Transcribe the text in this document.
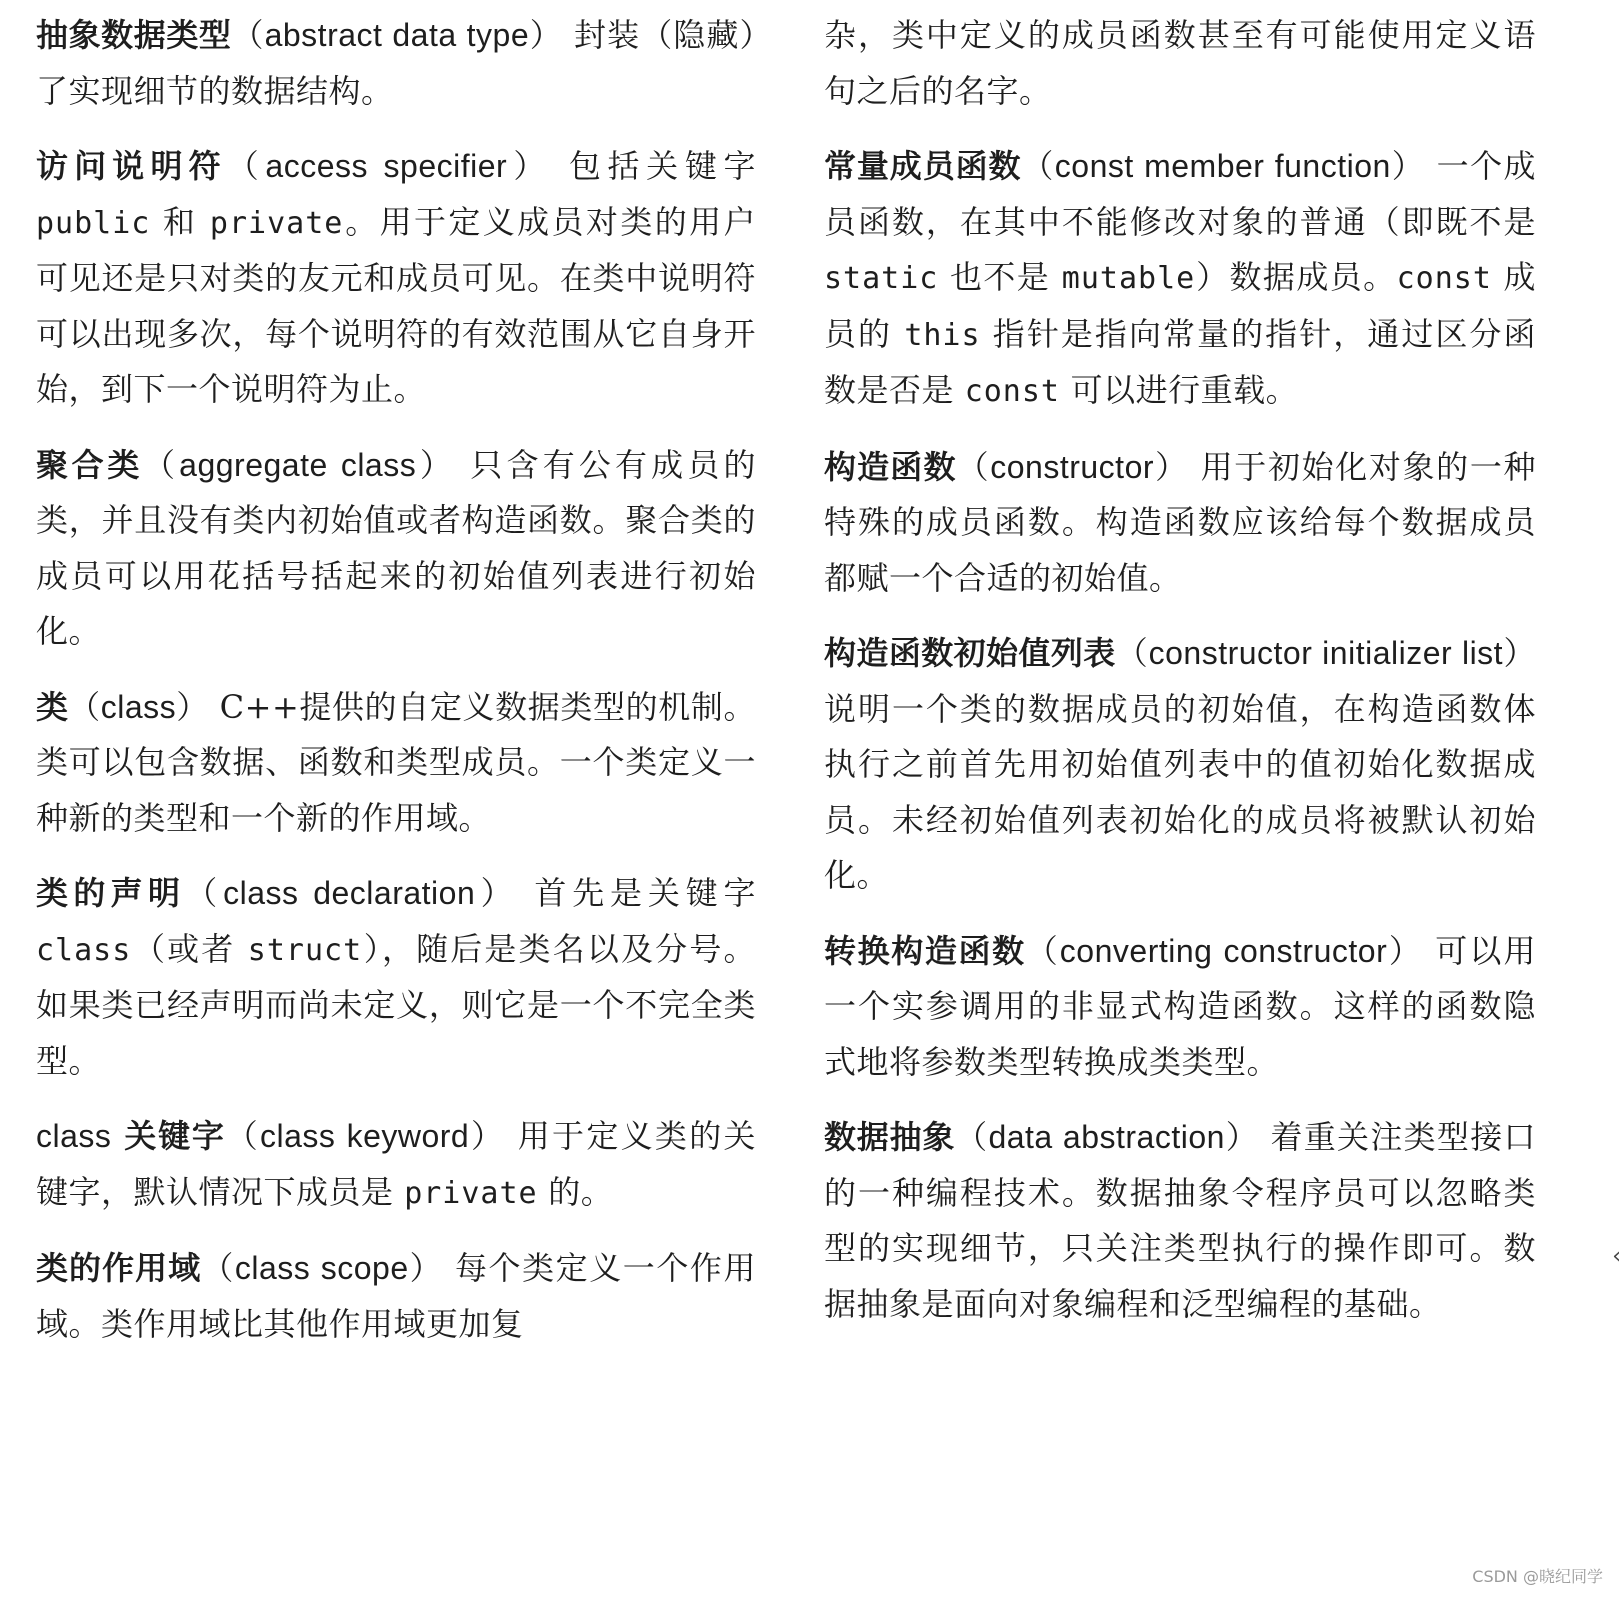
抽象数据类型（abstract data type） 封装（隐藏）了实现细节的数据结构。

访问说明符（access specifier） 包括关键字 public 和 private。用于定义成员对类的用户可见还是只对类的友元和成员可见。在类中说明符可以出现多次，每个说明符的有效范围从它自身开始，到下一个说明符为止。

聚合类（aggregate class） 只含有公有成员的类，并且没有类内初始值或者构造函数。聚合类的成员可以用花括号括起来的初始值列表进行初始化。

类（class） C++提供的自定义数据类型的机制。类可以包含数据、函数和类型成员。一个类定义一种新的类型和一个新的作用域。

类的声明（class declaration） 首先是关键字 class（或者 struct），随后是类名以及分号。如果类已经声明而尚未定义，则它是一个不完全类型。

class 关键字（class keyword） 用于定义类的关键字，默认情况下成员是 private 的。

类的作用域（class scope） 每个类定义一个作用域。类作用域比其他作用域更加复

杂，类中定义的成员函数甚至有可能使用定义语句之后的名字。

常量成员函数（const member function） 一个成员函数，在其中不能修改对象的普通（即既不是 static 也不是 mutable）数据成员。const 成员的 this 指针是指向常量的指针，通过区分函数是否是 const 可以进行重载。

构造函数（constructor） 用于初始化对象的一种特殊的成员函数。构造函数应该给每个数据成员都赋一个合适的初始值。

构造函数初始值列表（constructor initializer list）说明一个类的数据成员的初始值，在构造函数体执行之前首先用初始值列表中的值初始化数据成员。未经初始值列表初始化的成员将被默认初始化。

转换构造函数（converting constructor） 可以用一个实参调用的非显式构造函数。这样的函数隐式地将参数类型转换成类类型。

数据抽象（data abstraction） 着重关注类型接口的一种编程技术。数据抽象令程序员可以忽略类型的实现细节，只关注类型执行的操作即可。数据抽象是面向对象编程和泛型编程的基础。

‹
CSDN @晓纪同学
